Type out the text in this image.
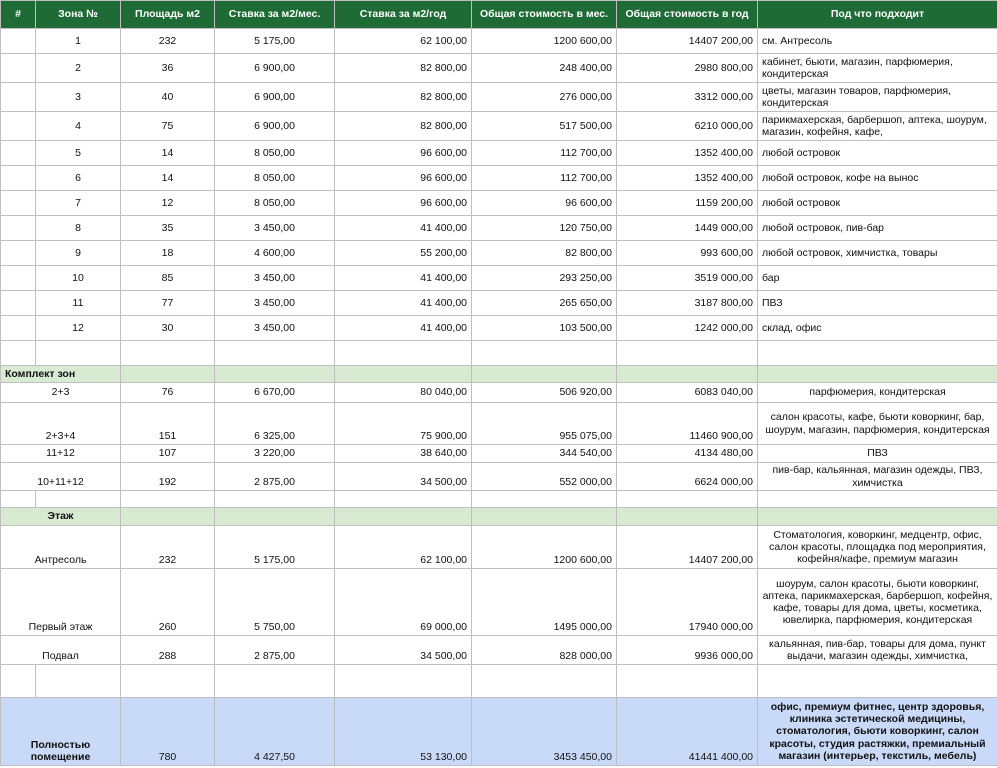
#	Зона №	Площадь м2	Ставка за м2/мес.	Ставка за м2/год	Общая стоимость в мес.	Общая стоимость в год	Под что подходит
	1	232	5 175,00	62 100,00	1200 600,00	14407 200,00	см. Антресоль
	2	36	6 900,00	82 800,00	248 400,00	2980 800,00	кабинет, бьюти, магазин, парфюмерия, кондитерская
	3	40	6 900,00	82 800,00	276 000,00	3312 000,00	цветы, магазин товаров, парфюмерия, кондитерская
	4	75	6 900,00	82 800,00	517 500,00	6210 000,00	парикмахерская, барбершоп, аптека, шоурум, магазин, кофейня, кафе,
	5	14	8 050,00	96 600,00	112 700,00	1352 400,00	любой островок
	6	14	8 050,00	96 600,00	112 700,00	1352 400,00	любой островок, кофе на вынос
	7	12	8 050,00	96 600,00	96 600,00	1159 200,00	любой островок
	8	35	3 450,00	41 400,00	120 750,00	1449 000,00	любой островок, пив-бар
	9	18	4 600,00	55 200,00	82 800,00	993 600,00	любой островок, химчистка, товары
	10	85	3 450,00	41 400,00	293 250,00	3519 000,00	бар
	11	77	3 450,00	41 400,00	265 650,00	3187 800,00	ПВЗ
	12	30	3 450,00	41 400,00	103 500,00	1242 000,00	склад, офис

Комплект зон							
2+3		76	6 670,00	80 040,00	506 920,00	6083 040,00	парфюмерия, кондитерская
2+3+4		151	6 325,00	75 900,00	955 075,00	11460 900,00	салон красоты, кафе, бьюти коворкинг, бар, шоурум, магазин, парфюмерия, кондитерская
11+12		107	3 220,00	38 640,00	344 540,00	4134 480,00	ПВЗ
10+11+12		192	2 875,00	34 500,00	552 000,00	6624 000,00	пив-бар, кальянная, магазин одежды, ПВЗ, химчистка

Этаж							
Антресоль		232	5 175,00	62 100,00	1200 600,00	14407 200,00	Стоматология, коворкинг, медцентр, офис, салон красоты, площадка под мероприятия, кофейня/кафе, премиум магазин
Первый этаж		260	5 750,00	69 000,00	1495 000,00	17940 000,00	шоурум, салон красоты, бьюти коворкинг, аптека, парикмахерская, барбершоп, кофейня, кафе, товары для дома, цветы, косметика, ювелирка, парфюмерия, кондитерская
Подвал		288	2 875,00	34 500,00	828 000,00	9936 000,00	кальянная, пив-бар, товары для дома, пункт выдачи, магазин одежды, химчистка,

Полностью помещение		780	4 427,50	53 130,00	3453 450,00	41441 400,00	офис, премиум фитнес, центр здоровья, клиника эстетической медицины, стоматология, бьюти коворкинг, салон красоты, студия растяжки, премиальный магазин (интерьер, текстиль, мебель)
